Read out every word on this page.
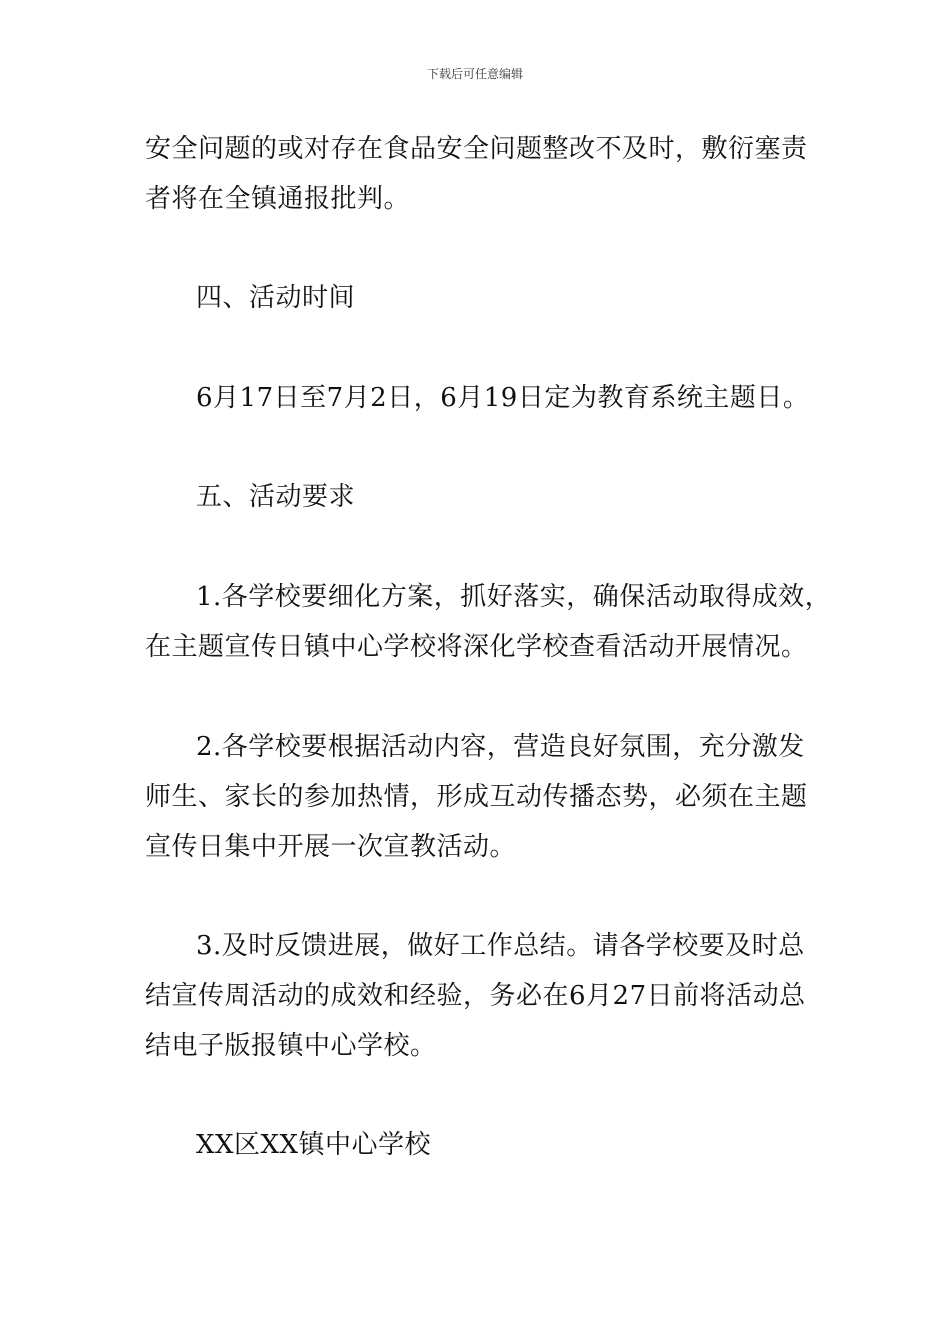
下载后可任意编辑
安全问题的或对存在食品安全问题整改不及时，敷衍塞责
者将在全镇通报批判。
四、活动时间
6月17日至7月2日，6月19日定为教育系统主题日。
五、活动要求
1.各学校要细化方案，抓好落实，确保活动取得成效，
在主题宣传日镇中心学校将深化学校查看活动开展情况。
2.各学校要根据活动内容，营造良好氛围，充分激发
师生、家长的参加热情，形成互动传播态势，必须在主题
宣传日集中开展一次宣教活动。
3.及时反馈进展，做好工作总结。请各学校要及时总
结宣传周活动的成效和经验，务必在6月27日前将活动总
结电子版报镇中心学校。
XX区XX镇中心学校
